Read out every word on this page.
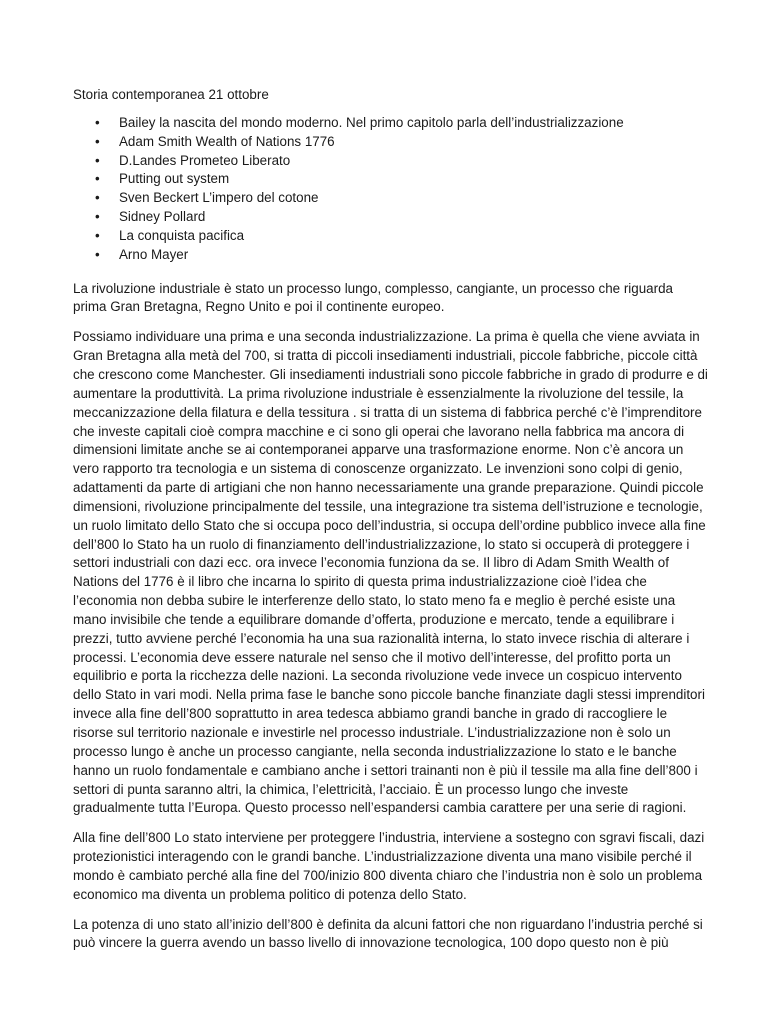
Storia contemporanea 21 ottobre

• Bailey la nascita del mondo moderno. Nel primo capitolo parla dell’industrializzazione
• Adam Smith Wealth of Nations 1776
• D.Landes Prometeo Liberato
• Putting out system
• Sven Beckert L’impero del cotone
• Sidney Pollard
• La conquista pacifica
• Arno Mayer

La rivoluzione industriale è stato un processo lungo, complesso, cangiante, un processo che riguarda prima Gran Bretagna, Regno Unito e poi il continente europeo.

Possiamo individuare una prima e una seconda industrializzazione. La prima è quella che viene avviata in Gran Bretagna alla metà del 700, si tratta di piccoli insediamenti industriali, piccole fabbriche, piccole città che crescono come Manchester. Gli insediamenti industriali sono piccole fabbriche in grado di produrre e di aumentare la produttività. La prima rivoluzione industriale è essenzialmente la rivoluzione del tessile, la meccanizzazione della filatura e della tessitura . si tratta di un sistema di fabbrica perché c’è l’imprenditore che investe capitali cioè compra macchine e ci sono gli operai che lavorano nella fabbrica ma ancora di dimensioni limitate anche se ai contemporanei apparve una trasformazione enorme. Non c’è ancora un vero rapporto tra tecnologia e un sistema di conoscenze organizzato. Le invenzioni sono colpi di genio, adattamenti da parte di artigiani che non hanno necessariamente una grande preparazione. Quindi piccole dimensioni, rivoluzione principalmente del tessile, una integrazione tra sistema dell’istruzione e tecnologie, un ruolo limitato dello Stato che si occupa poco dell’industria, si occupa dell’ordine pubblico invece alla fine dell’800 lo Stato ha un ruolo di finanziamento dell’industrializzazione, lo stato si occuperà di proteggere i settori industriali con dazi ecc. ora invece l’economia funziona da se. Il libro di Adam Smith Wealth of Nations del 1776 è il libro che incarna lo spirito di questa prima industrializzazione cioè l’idea che l’economia non debba subire le interferenze dello stato, lo stato meno fa e meglio è perché esiste una mano invisibile che tende a equilibrare domande d’offerta, produzione e mercato, tende a equilibrare i prezzi, tutto avviene perché l’economia ha una sua razionalità interna, lo stato invece rischia di alterare i processi. L’economia deve essere naturale nel senso che il motivo dell’interesse, del profitto porta un equilibrio e porta la ricchezza delle nazioni. La seconda rivoluzione vede invece un cospicuo intervento dello Stato in vari modi. Nella prima fase le banche sono piccole banche finanziate dagli stessi imprenditori invece alla fine dell’800 soprattutto in area tedesca abbiamo grandi banche in grado di raccogliere le risorse sul territorio nazionale e investirle nel processo industriale. L’industrializzazione non è solo un processo lungo è anche un processo cangiante, nella seconda industrializzazione lo stato e le banche hanno un ruolo fondamentale e cambiano anche i settori trainanti non è più il tessile ma alla fine dell’800 i settori di punta saranno altri, la chimica, l’elettricità, l’acciaio. È un processo lungo che investe gradualmente tutta l’Europa. Questo processo nell’espandersi cambia carattere per una serie di ragioni.

Alla fine dell’800 Lo stato interviene per proteggere l’industria, interviene a sostegno con sgravi fiscali, dazi protezionistici interagendo con le grandi banche. L’industrializzazione diventa una mano visibile perché il mondo è cambiato perché alla fine del 700/inizio 800 diventa chiaro che l’industria non è solo un problema economico ma diventa un problema politico di potenza dello Stato.

La potenza di uno stato all’inizio dell’800 è definita da alcuni fattori che non riguardano l’industria perché si può vincere la guerra avendo un basso livello di innovazione tecnologica, 100 dopo questo non è più
